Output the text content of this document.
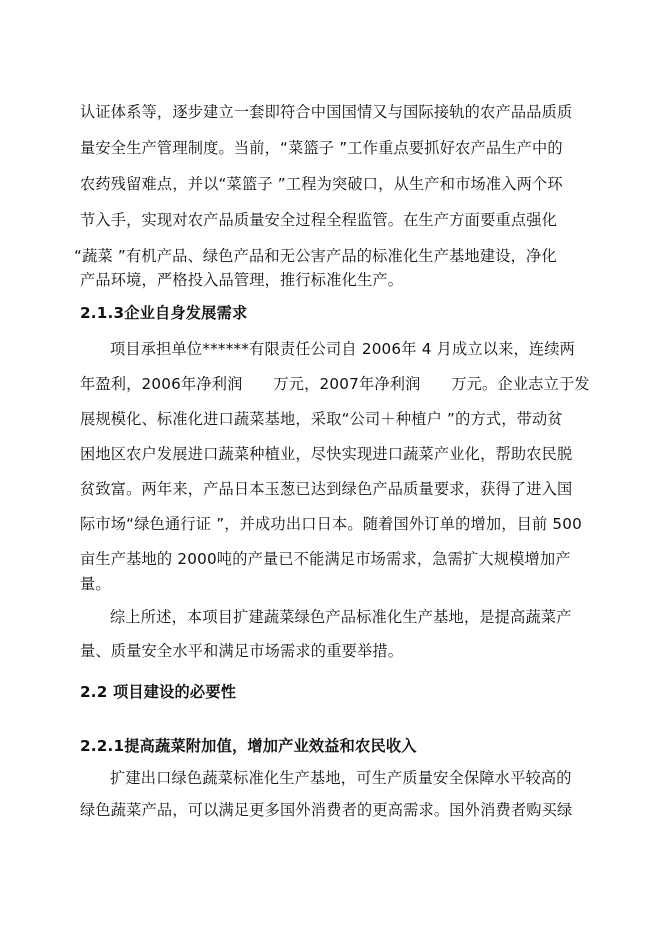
认证体系等，逐步建立一套即符合中国国情又与国际接轨的农产品品质质
量安全生产管理制度。当前，“菜篮子 ”工作重点要抓好农产品生产中的
农药残留难点，并以“菜篮子 ”工程为突破口，从生产和市场准入两个环
节入手，实现对农产品质量安全过程全程监管。在生产方面要重点强化
“蔬菜 ”有机产品、绿色产品和无公害产品的标准化生产基地建设，净化
产品环境，严格投入品管理，推行标准化生产。
2.1.3企业自身发展需求
项目承担单位******有限责任公司自 2006年 4 月成立以来，连续两
年盈利，2006年净利润　　万元，2007年净利润　　万元。企业志立于发
展规模化、标准化进口蔬菜基地，采取“公司＋种植户 ”的方式，带动贫
困地区农户发展进口蔬菜种植业，尽快实现进口蔬菜产业化，帮助农民脱
贫致富。两年来，产品日本玉葱已达到绿色产品质量要求，获得了进入国
际市场“绿色通行证 ”，并成功出口日本。随着国外订单的增加，目前 500
亩生产基地的 2000吨的产量已不能满足市场需求，急需扩大规模增加产
量。
综上所述，本项目扩建蔬菜绿色产品标准化生产基地，是提高蔬菜产
量、质量安全水平和满足市场需求的重要举措。
2.2 项目建设的必要性
2.2.1提高蔬菜附加值，增加产业效益和农民收入
扩建出口绿色蔬菜标准化生产基地，可生产质量安全保障水平较高的
绿色蔬菜产品，可以满足更多国外消费者的更高需求。国外消费者购买绿
